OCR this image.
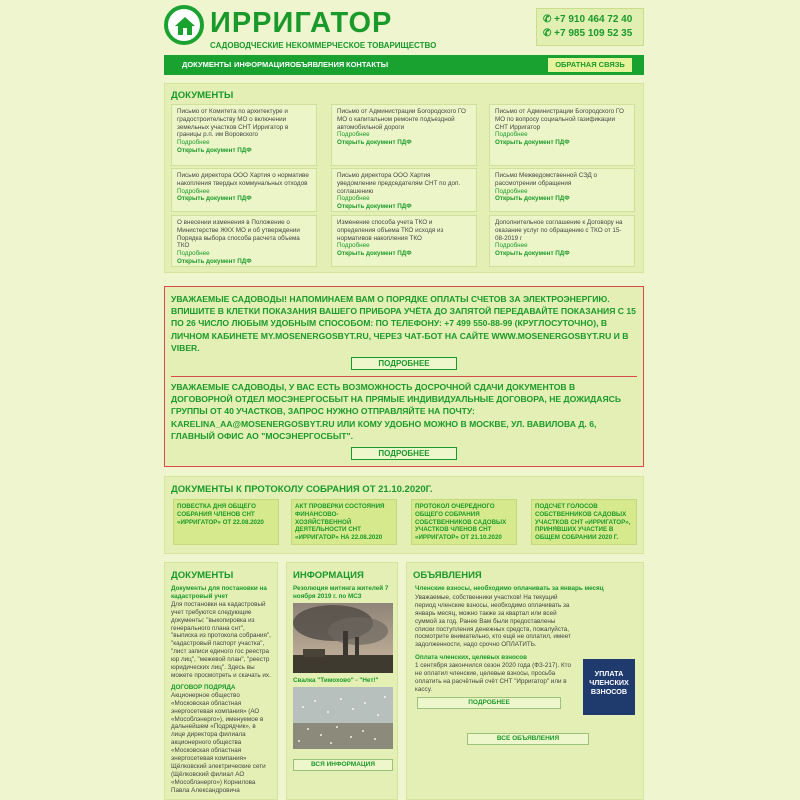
ИРРИГАТОР
САДОВОДЧЕСКИЕ НЕКОММЕРЧЕСКОЕ ТОВАРИЩЕСТВО
✆ +7 910 464 72 40
✆ +7 985 109 52 35
ДОКУМЕНТЫ ИНФОРМАЦИЯ ОБЪЯВЛЕНИЯ КОНТАКТЫ	ОБРАТНАЯ СВЯЗЬ
ДОКУМЕНТЫ
Письмо от Комитета по архитектуре и градостроительству МО о включении земельных участков СНТ Ирригатор в границы р.п. им Воровского
Подробнее
Открыть документ ПДФ
Письмо от Администрации Богородского ГО МО о капитальном ремонте подъездной автомобильной дороги
Подробнее
Открыть документ ПДФ
Письмо от Администрации Богородского ГО МО по вопросу социальной газификации СНТ Ирригатор
Подробнее
Открыть документ ПДФ
Письмо директора ООО Хартия о нормативе накопления твердых коммунальных отходов
Подробнее
Открыть документ ПДФ
Письмо директора ООО Хартия уведомление председателям СНТ по доп. соглашению
Подробнее
Открыть документ ПДФ
Письмо Межведомственной СЭД о рассмотрении обращения
Подробнее
Открыть документ ПДФ
О внесении изменения в Положение о Министерстве ЖКХ МО и об утверждении Порядка выбора способа расчета объема ТКО
Подробнее
Открыть документ ПДФ
Изменение способа учета ТКО и определения объема ТКО исходя из нормативов накопления ТКО
Подробнее
Открыть документ ПДФ
Дополнительное соглашение к Договору на оказание услуг по обращению с ТКО от 15-08-2019 г
Подробнее
Открыть документ ПДФ
УВАЖАЕМЫЕ САДОВОДЫ! НАПОМИНАЕМ ВАМ О ПОРЯДКЕ ОПЛАТЫ СЧЕТОВ ЗА ЭЛЕКТРОЭНЕРГИЮ. ВПИШИТЕ В КЛЕТКИ ПОКАЗАНИЯ ВАШЕГО ПРИБОРА УЧЁТА ДО ЗАПЯТОЙ ПЕРЕДАВАЙТЕ ПОКАЗАНИЯ С 15 ПО 26 ЧИСЛО ЛЮБЫМ УДОБНЫМ СПОСОБОМ: ПО ТЕЛЕФОНУ: +7 499 550-88-99 (КРУГЛОСУТОЧНО), В ЛИЧНОМ КАБИНЕТЕ MY.MOSENERGOSBYT.RU, ЧЕРЕЗ ЧАТ-БОТ НА САЙТЕ WWW.MOSENERGOSBYT.RU И В VIBER.
ПОДРОБНЕЕ
УВАЖАЕМЫЕ САДОВОДЫ, У ВАС ЕСТЬ ВОЗМОЖНОСТЬ ДОСРОЧНОЙ СДАЧИ ДОКУМЕНТОВ В ДОГОВОРНОЙ ОТДЕЛ МОСЭНЕРГОСБЫТ НА ПРЯМЫЕ ИНДИВИДУАЛЬНЫЕ ДОГОВОРА, НЕ ДОЖИДАЯСЬ ГРУППЫ ОТ 40 УЧАСТКОВ, ЗАПРОС НУЖНО ОТПРАВЛЯЙТЕ НА ПОЧТУ: KARELINA_AA@MOSENERGOSBYT.RU ИЛИ КОМУ УДОБНО МОЖНО В МОСКВЕ, УЛ. ВАВИЛОВА Д. 6, ГЛАВНЫЙ ОФИС АО "МОСЭНЕРГОСБЫТ".
ПОДРОБНЕЕ
ДОКУМЕНТЫ К ПРОТОКОЛУ СОБРАНИЯ ОТ 21.10.2020Г.
ПОВЕСТКА ДНЯ ОБЩЕГО СОБРАНИЯ ЧЛЕНОВ СНТ «ИРРИГАТОР» ОТ 22.08.2020
АКТ ПРОВЕРКИ СОСТОЯНИЯ ФИНАНСОВО-ХОЗЯЙСТВЕННОЙ ДЕЯТЕЛЬНОСТИ СНТ «ИРРИГАТОР» НА 22.08.2020
ПРОТОКОЛ ОЧЕРЕДНОГО ОБЩЕГО СОБРАНИЯ СОБСТВЕННИКОВ САДОВЫХ УЧАСТКОВ ЧЛЕНОВ СНТ «ИРРИГАТОР» ОТ 21.10.2020
ПОДСЧЕТ ГОЛОСОВ СОБСТВЕННИКОВ САДОВЫХ УЧАСТКОВ СНТ «ИРРИГАТОР», ПРИНЯВШИХ УЧАСТИЕ В ОБЩЕМ СОБРАНИИ 2020 Г.
ДОКУМЕНТЫ
Документы для постановки на кадастровый учет
Для постановки на кадастровый учет требуются следующие документы: "выкопировка из генерального плана снт", "выписка из протокола собрания", "кадастровый паспорт участка", "лист записи единого гос реестра юр лиц", "межевой план", "реестр юридических лиц". Здесь вы можете просмотреть и скачать их.
ДОГОВОР ПОДРЯДА
Акционерное общество «Московская областная энергосетевая компания» (АО «Мособлэнерго»), именуемое в дальнейшем «Подрядчик», в лице директора филиала акционерного общества «Московская областная энергосетевая компания» Щёлковский электрические сети (Щёлковский филиал АО «Мособлэнерго») Корнилова Павла Александровича
ИНФОРМАЦИЯ
Резолюция митинга жителей 7 ноября 2019 г. по МСЗ
Свалка "Тимохово" - "Нет!"
ВСЯ ИНФОРМАЦИЯ
ОБЪЯВЛЕНИЯ
Членские взносы, необходимо оплачивать за январь месяц
Уважаемые, собственники участков! На текущий период членские взносы, необходимо оплачивать за январь месяц, можно также за квартал или всей суммой за год. Ранее Вам были предоставлены списки поступления денежных средств, пожалуйста, посмотрите внимательно, кто ещё не оплатил, имеет задолженности, надо срочно ОПЛАТИТЬ.
Оплата членских, целевых взносов
1 сентября закончился сезон 2020 года (ФЗ-217). Кто не оплатил членские, целевые взносы, просьба оплатить на расчётный счёт СНТ "Ирригатор" или в кассу.
ПОДРОБНЕЕ
УПЛАТА ЧЛЕНСКИХ ВЗНОСОВ
ВСЕ ОБЪЯВЛЕНИЯ
